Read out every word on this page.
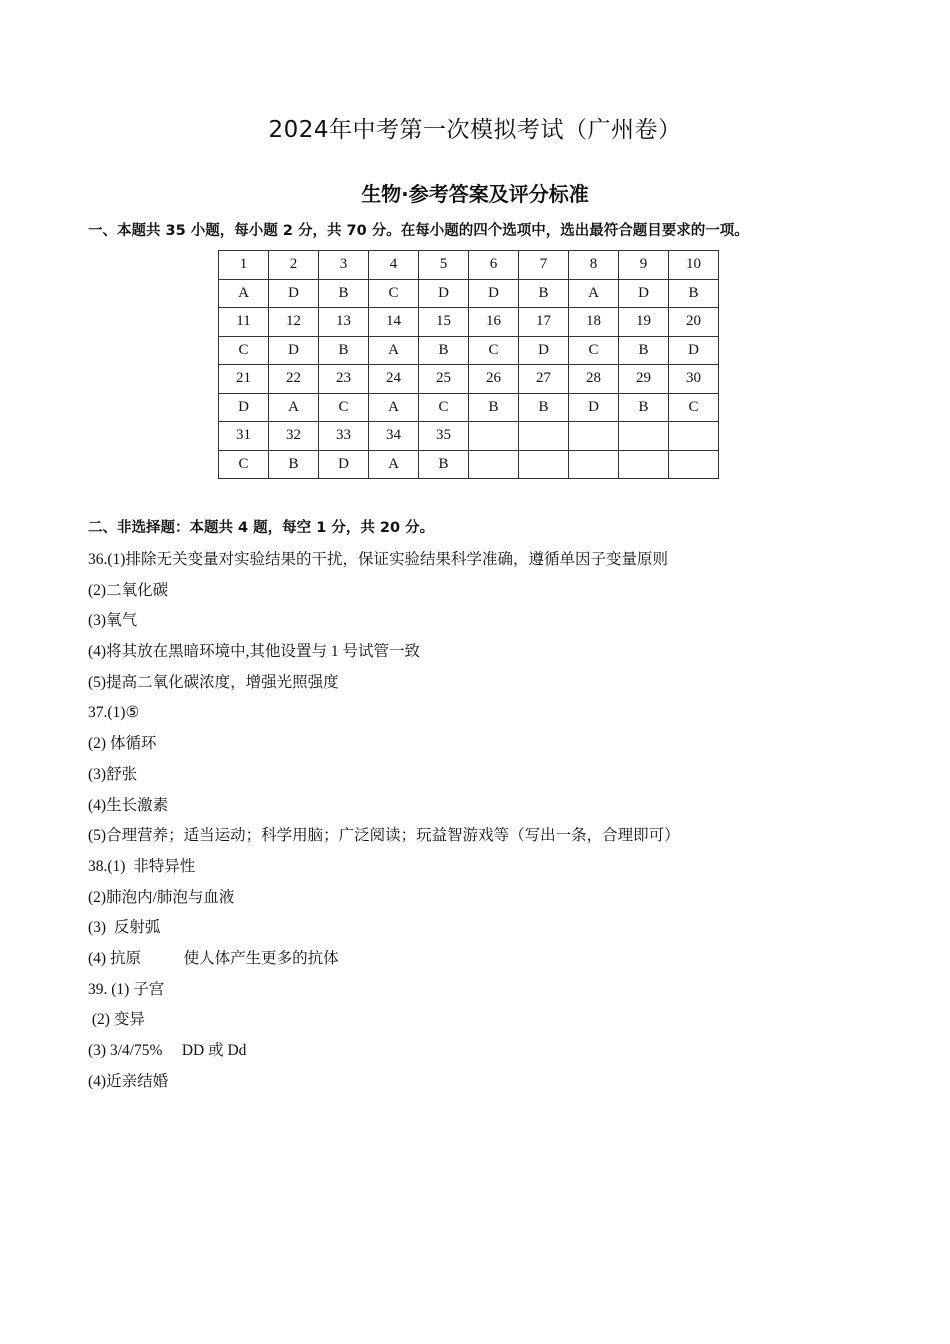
2024年中考第一次模拟考试（广州卷）
生物·参考答案及评分标准
一、本题共 35 小题，每小题 2 分，共 70 分。在每小题的四个选项中，选出最符合题目要求的一项。
1	2	3	4	5	6	7	8	9	10
A	D	B	C	D	D	B	A	D	B
11	12	13	14	15	16	17	18	19	20
C	D	B	A	B	C	D	C	B	D
21	22	23	24	25	26	27	28	29	30
D	A	C	A	C	B	B	D	B	C
31	32	33	34	35					
C	B	D	A	B					
二、非选择题：本题共 4 题，每空 1 分，共 20 分。
36.(1)排除无关变量对实验结果的干扰，保证实验结果科学准确，遵循单因子变量原则
(2)二氧化碳
(3)氧气
(4)将其放在黑暗环境中,其他设置与 1 号试管一致
(5)提高二氧化碳浓度，增强光照强度
37.(1)⑤
(2) 体循环
(3)舒张
(4)生长激素
(5)合理营养；适当运动；科学用脑；广泛阅读；玩益智游戏等（写出一条，合理即可）
38.(1)  非特异性
(2)肺泡内/肺泡与血液
(3)  反射弧
(4) 抗原           使人体产生更多的抗体
39. (1) 子宫
(2) 变异
(3) 3/4/75%     DD 或 Dd
(4)近亲结婚
